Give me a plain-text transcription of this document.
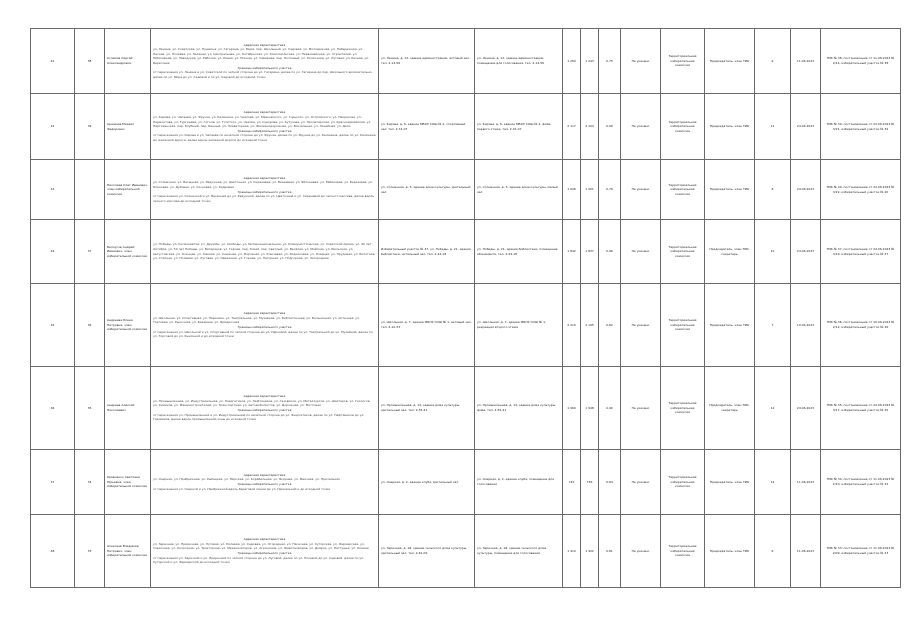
41	38	Асламов Сергей Александрович	Адресная характеристика
ул. Ленина, ул. Советская, ул. Пушкина, ул. Гагарина, ул. Мира, пер. Школьный, ул. Садовая, ул. Молодежная, ул. Набережная, ул. Лесная, ул. Полевая, ул. Зеленая, ул. Центральная, ул. Октябрьская, ул. Комсомольская, ул. Первомайская, ул. Строителей, ул. Юбилейная, ул. Заводская, ул. Рабочая, ул. Новая, ул. Южная, ул. Северная, пер. Почтовый, ул. Колхозная, ул. Луговая, ул. Речная, ул. Береговая
Границы избирательного участка
от пересечения ул. Ленина и ул. Советской по четной стороне до ул. Гагарина, далее по ул. Гагарина до пер. Школьного включительно, далее по ул. Мира до ул. Садовой и по ул. Садовой до исходной точки	ул. Ленина, д. 12, здание администрации, актовый зал, тел. 2-14-56	ул. Ленина, д. 12, здание администрации, помещение для голосования, тел. 2-14-56	1 250	1 243	0,75	Не указано	Территориальная избирательная комиссия	Председатель, член ТИК	9	11.06.2023	ТИК № 38, постановление от 11.06.2023 № 2/14, избирательный участок № 38
42	39	Аршинов Михаил Федорович	Адресная характеристика
ул. Кирова, ул. Чапаева, ул. Фрунзе, ул. Калинина, ул. Чкалова, ул. Маяковского, ул. Горького, ул. Островского, ул. Некрасова, ул. Лермонтова, ул. Тургенева, ул. Гоголя, ул. Толстого, ул. Чехова, ул. Суворова, ул. Кутузова, ул. Пролетарская, ул. Красноармейская, ул. Партизанская, пер. Клубный, пер. Банный, ул. Элеваторная, ул. Железнодорожная, ул. Вокзальная, ул. Линейная, ул. Депо
Границы избирательного участка
от пересечения ул. Кирова и ул. Чапаева по нечетной стороне до ул. Фрунзе, далее по ул. Фрунзе до ул. Калинина, далее по ул. Калинина до железной дороги, далее вдоль железной дороги до исходной точки	ул. Кирова, д. 5, здание МБОУ СОШ № 2, спортивный зал, тел. 2-31-07	ул. Кирова, д. 5, здание МБОУ СОШ № 2, фойе первого этажа, тел. 2-31-07	2 117	2 104	0,99	Не указано	Территориальная избирательная комиссия	Председатель, член ТИК	11	24.06.2023	ТИК № 39, постановление от 24.06.2023 № 3/21, избирательный участок № 39
43		Николаев Олег Иванович, член избирательной комиссии	Адресная характеристика
ул. Солнечная, ул. Весенняя, ул. Радужная, ул. Цветочная, ул. Сиреневая, ул. Вишневая, ул. Яблоневая, ул. Рябиновая, ул. Березовая, ул. Кленовая, ул. Дубовая, ул. Сосновая, ул. Кедровая
Границы избирательного участка
от пересечения ул. Солнечной и ул. Весенней до ул. Радужной, далее по ул. Цветочной и ул. Сиреневой до лесного массива, далее вдоль лесного массива до исходной точки	ул. Солнечная, д. 3, здание дома культуры, зрительный зал	ул. Солнечная, д. 3, здание дома культуры, малый зал	1 006	1 001	0,76	Не указано	Территориальная избирательная комиссия	Председатель, член ТИК	8	24.06.2023	ТИК № 40, постановление от 24.06.2023 № 3/22, избирательный участок № 40
44	37	Белоусов Андрей Иванович, член избирательной комиссии	ул. Победы, ул. Космонавтов, ул. Дружбы, ул. Свободы, ул. Интернациональная, ул. Коммунистическая, ул. Советской Армии, ул. 40 лет Октября, ул. 50 лет Победы, ул. Ветеранов, ул. Героев, пер. Тихий, пер. Светлый, ул. Весёлая, ул. Майская, ул. Июльская, ул. Августовская, ул. Осенняя, ул. Зимняя, ул. Снежная, ул. Морозная, ул. Ключевая, ул. Родниковая, ул. Озерная, ул. Прудовая, ул. Болотная, ул. Степная, ул. Полевая, ул. Луговая, ул. Овражная, ул. Горная, ул. Нагорная, ул. Подгорная, ул. Загородная	Избирательный участок № 37, ул. Победы, д. 21, здание библиотеки, читальный зал, тел. 2-44-18	ул. Победы, д. 21, здание библиотеки, помещение абонемента, тел. 2-44-18	1 842	1 837	0,96	Не указано	Территориальная избирательная комиссия	Председатель, член ТИК, секретарь	10	24.06.2023	ТИК № 37, постановление от 24.06.2023 № 3/19, избирательный участок № 37
45	36	Андреева Елена Петровна, член избирательной комиссии	Адресная характеристика
ул. Школьная, ул. Спортивная, ул. Парковая, ул. Театральная, ул. Музейная, ул. Библиотечная, ул. Больничная, ул. Аптечная, ул. Торговая, ул. Рыночная, ул. Базарная, ул. Ярмарочная
Границы избирательного участка
от пересечения ул. Школьной и ул. Спортивной по четной стороне до ул. Парковой, далее по ул. Театральной до ул. Музейной, далее по ул. Торговой до ул. Рыночной и до исходной точки	ул. Школьная, д. 7, здание МБОУ СОШ № 1, актовый зал, тел. 2-10-33	ул. Школьная, д. 7, здание МБОУ СОШ № 1, рекреация второго этажа	2 210	2 195	0,82	Не указано	Территориальная избирательная комиссия	Председатель, член ТИК	7	10.06.2023	ТИК № 36, постановление от 10.06.2023 № 2/12, избирательный участок № 36
46	35	Андреев Алексей Николаевич	Адресная характеристика
ул. Промышленная, ул. Индустриальная, ул. Энергетиков, ул. Нефтяников, ул. Газовиков, ул. Металлургов, ул. Шахтеров, ул. Геологов, ул. Химиков, ул. Машиностроителей, ул. Транспортная, ул. Автомобилистов, ул. Дорожная, ул. Мостовая
Границы избирательного участка
от пересечения ул. Промышленной и ул. Индустриальной по нечетной стороне до ул. Энергетиков, далее по ул. Нефтяников до ул. Газовиков, далее вдоль промышленной зоны до исходной точки	ул. Промышленная, д. 14, здание дома культуры, зрительный зал, тел. 2-55-41	ул. Промышленная, д. 14, здание дома культуры, фойе, тел. 2-55-41	1 960	1 948	0,90	Не указано	Территориальная избирательная комиссия	Председатель, член ТИК, секретарь	12	24.06.2023	ТИК № 35, постановление от 24.06.2023 № 3/17, избирательный участок № 35
47	34	Кравченко Светлана Юрьевна, член избирательной комиссии	Адресная характеристика
ул. Озерная, ул. Прибрежная, ул. Рыбацкая, ул. Морская, ул. Корабельная, ул. Якорная, ул. Маячная, ул. Причальная
Границы избирательного участка
от пересечения ул. Озерной и ул. Прибрежной вдоль береговой линии до ул. Причальной и до исходной точки	ул. Озерная, д. 2, здание клуба, зрительный зал	ул. Озерная, д. 2, здание клуба, помещение для голосования	740	736	0,84	Не указано	Территориальная избирательная комиссия	Председатель, член ТИК	14	11.06.2023	ТИК № 34, постановление от 11.06.2023 № 2/10, избирательный участок № 34
48	33	Алексеев Владимир Петрович, член избирательной комиссии	Адресная характеристика
ул. Заречная, ул. Приречная, ул. Луговая, ул. Полевая, ул. Садовая, ул. Огородная, ул. Пасечная, ул. Хуторская, ул. Фермерская, ул. Совхозная, ул. Колхозная, ул. Тракторная, ул. Механизаторов, ул. Агрономов, ул. Животноводов, ул. Доярок, ул. Пастушья, ул. Конная
Границы избирательного участка
от пересечения ул. Заречной и ул. Приречной по четной стороне до ул. Луговой, далее по ул. Полевой до ул. Садовой, далее по ул. Хуторской и ул. Фермерской до исходной точки	ул. Заречная, д. 18, здание сельского дома культуры, зрительный зал, тел. 2-61-09	ул. Заречная, д. 18, здание сельского дома культуры, помещение для голосования	1 410	1 402	0,81	Не указано	Территориальная избирательная комиссия	Председатель, член ТИК	6	11.06.2023	ТИК № 33, постановление от 11.06.2023 № 2/09, избирательный участок № 33
